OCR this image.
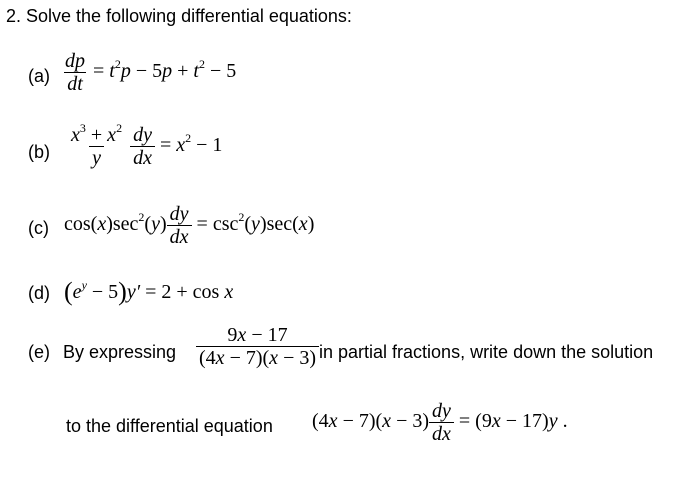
2. Solve the following differential equations:
$(a) \frac{dp}{dt} = t^2p - 5p + t^2 - 5$
$(b) \frac{x^3 + x^2}{y}$
$\frac{dy}{dx} = x^2 - 1$
(c) $\cos(x)\sec^2(y) \frac{dy}{dx} = \csc^2(y)\sec(x)$
(d) $(e^y - 5)y' = 2 + \cos x$
(e) By expressing $\frac{9x - 17}{(4x - 7)(x - 3)}$ in partial fractions, write down the solution
to the differential equation $(4x - 7)(x - 3) \frac{dy}{dx} = (9x - 17)y$ .
